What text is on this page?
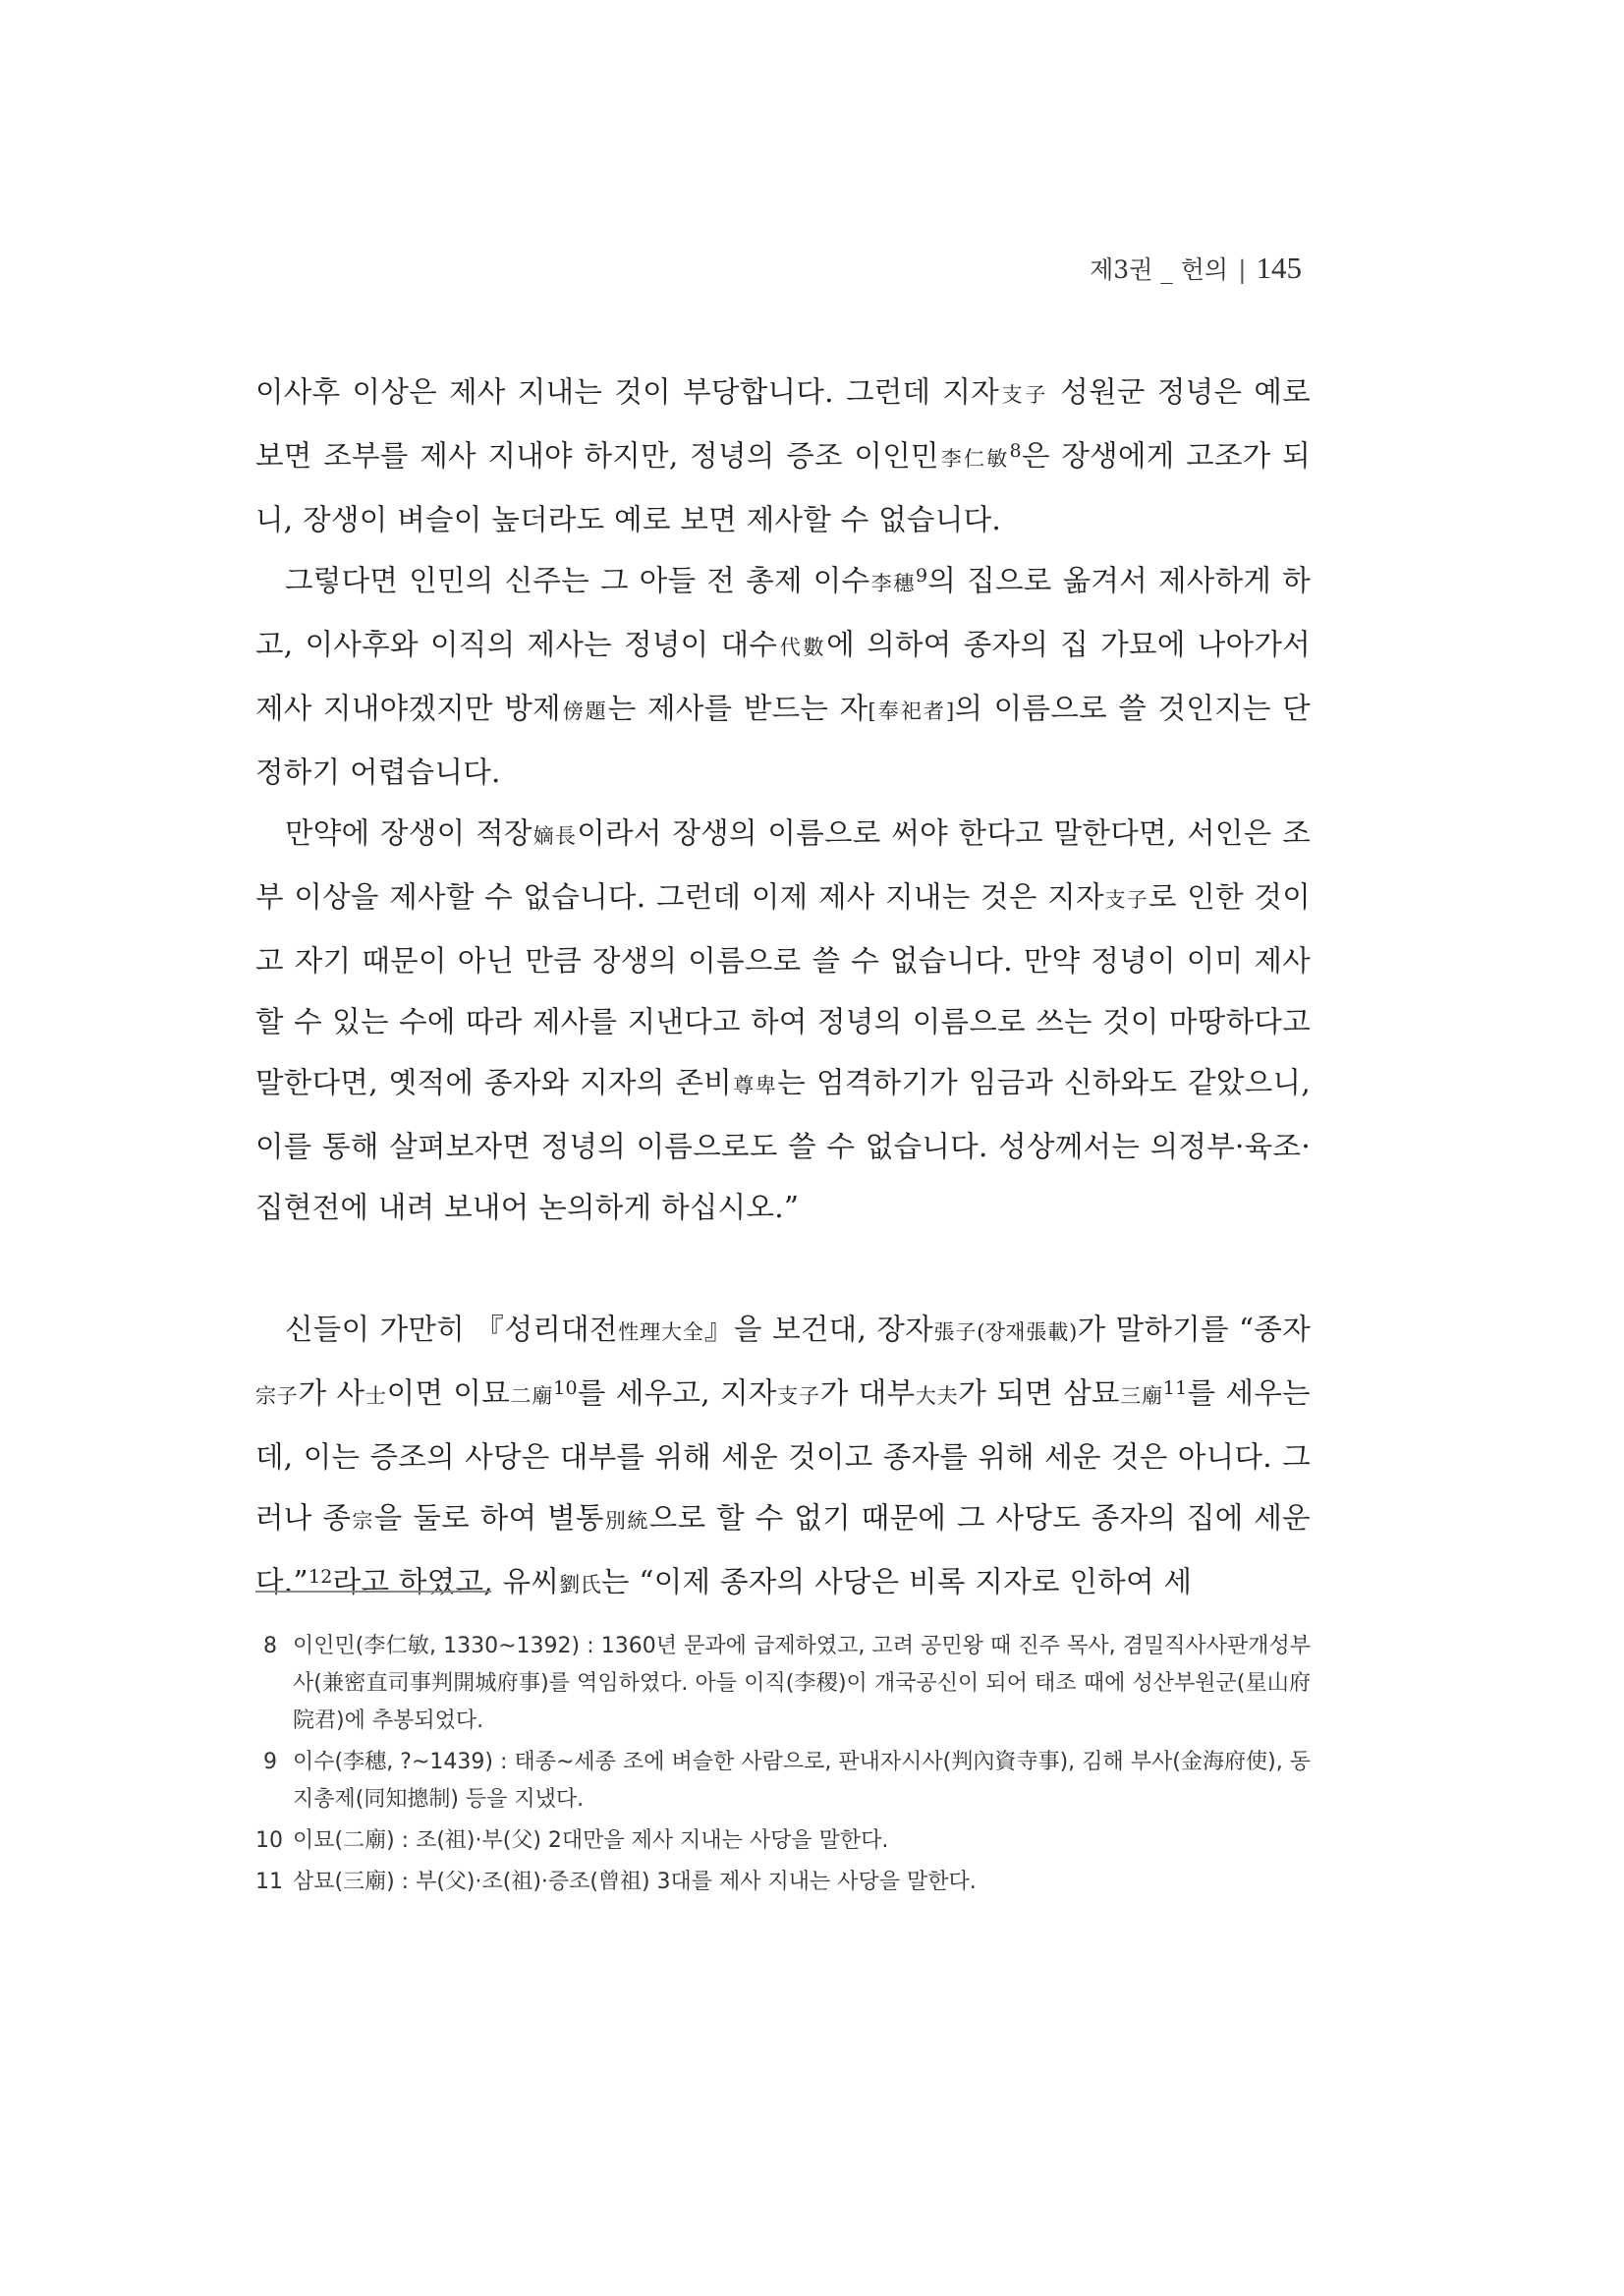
제3권 _ 헌의 | 145

이사후 이상은 제사 지내는 것이 부당합니다. 그런데 지자支子 성원군 정녕은 예로 보면 조부를 제사 지내야 하지만, 정녕의 증조 이인민李仁敏$^8$은 장생에게 고조가 되니, 장생이 벼슬이 높더라도 예로 보면 제사할 수 없습니다.

그렇다면 인민의 신주는 그 아들 전 총제 이수李穗$^9$의 집으로 옮겨서 제사하게 하고, 이사후와 이직의 제사는 정녕이 대수代數에 의하여 종자의 집 가묘에 나아가서 제사 지내야겠지만 방제傍題는 제사를 받드는 자[奉祀者]의 이름으로 쓸 것인지는 단정하기 어렵습니다.

만약에 장생이 적장嫡長이라서 장생의 이름으로 써야 한다고 말한다면, 서인은 조부 이상을 제사할 수 없습니다. 그런데 이제 제사 지내는 것은 지자支子로 인한 것이고 자기 때문이 아닌 만큼 장생의 이름으로 쓸 수 없습니다. 만약 정녕이 이미 제사할 수 있는 수에 따라 제사를 지낸다고 하여 정녕의 이름으로 쓰는 것이 마땅하다고 말한다면, 옛적에 종자와 지자의 존비尊卑는 엄격하기가 임금과 신하와도 같았으니, 이를 통해 살펴보자면 정녕의 이름으로도 쓸 수 없습니다. 성상께서는 의정부·육조·집현전에 내려 보내어 논의하게 하십시오.”

신들이 가만히 『성리대전性理大全』을 보건대, 장자張子(장재張載)가 말하기를 “종자宗子가 사士이면 이묘二廟$^{10}$를 세우고, 지자支子가 대부大夫가 되면 삼묘三廟$^{11}$를 세우는데, 이는 증조의 사당은 대부를 위해 세운 것이고 종자를 위해 세운 것은 아니다. 그러나 종宗을 둘로 하여 별통別統으로 할 수 없기 때문에 그 사당도 종자의 집에 세운다.”$^{12}$라고 하였고, 유씨劉氏는 “이제 종자의 사당은 비록 지자로 인하여 세

8 이인민(李仁敏, 1330~1392) : 1360년 문과에 급제하였고, 고려 공민왕 때 진주 목사, 겸밀직사사판개성부사(兼密直司事判開城府事)를 역임하였다. 아들 이직(李稷)이 개국공신이 되어 태조 때에 성산부원군(星山府院君)에 추봉되었다.
9 이수(李穗, ?~1439) : 태종~세종 조에 벼슬한 사람으로, 판내자시사(判內資寺事), 김해 부사(金海府使), 동지총제(同知摠制) 등을 지냈다.
10 이묘(二廟) : 조(祖)·부(父) 2대만을 제사 지내는 사당을 말한다.
11 삼묘(三廟) : 부(父)·조(祖)·증조(曾祖) 3대를 제사 지내는 사당을 말한다.
